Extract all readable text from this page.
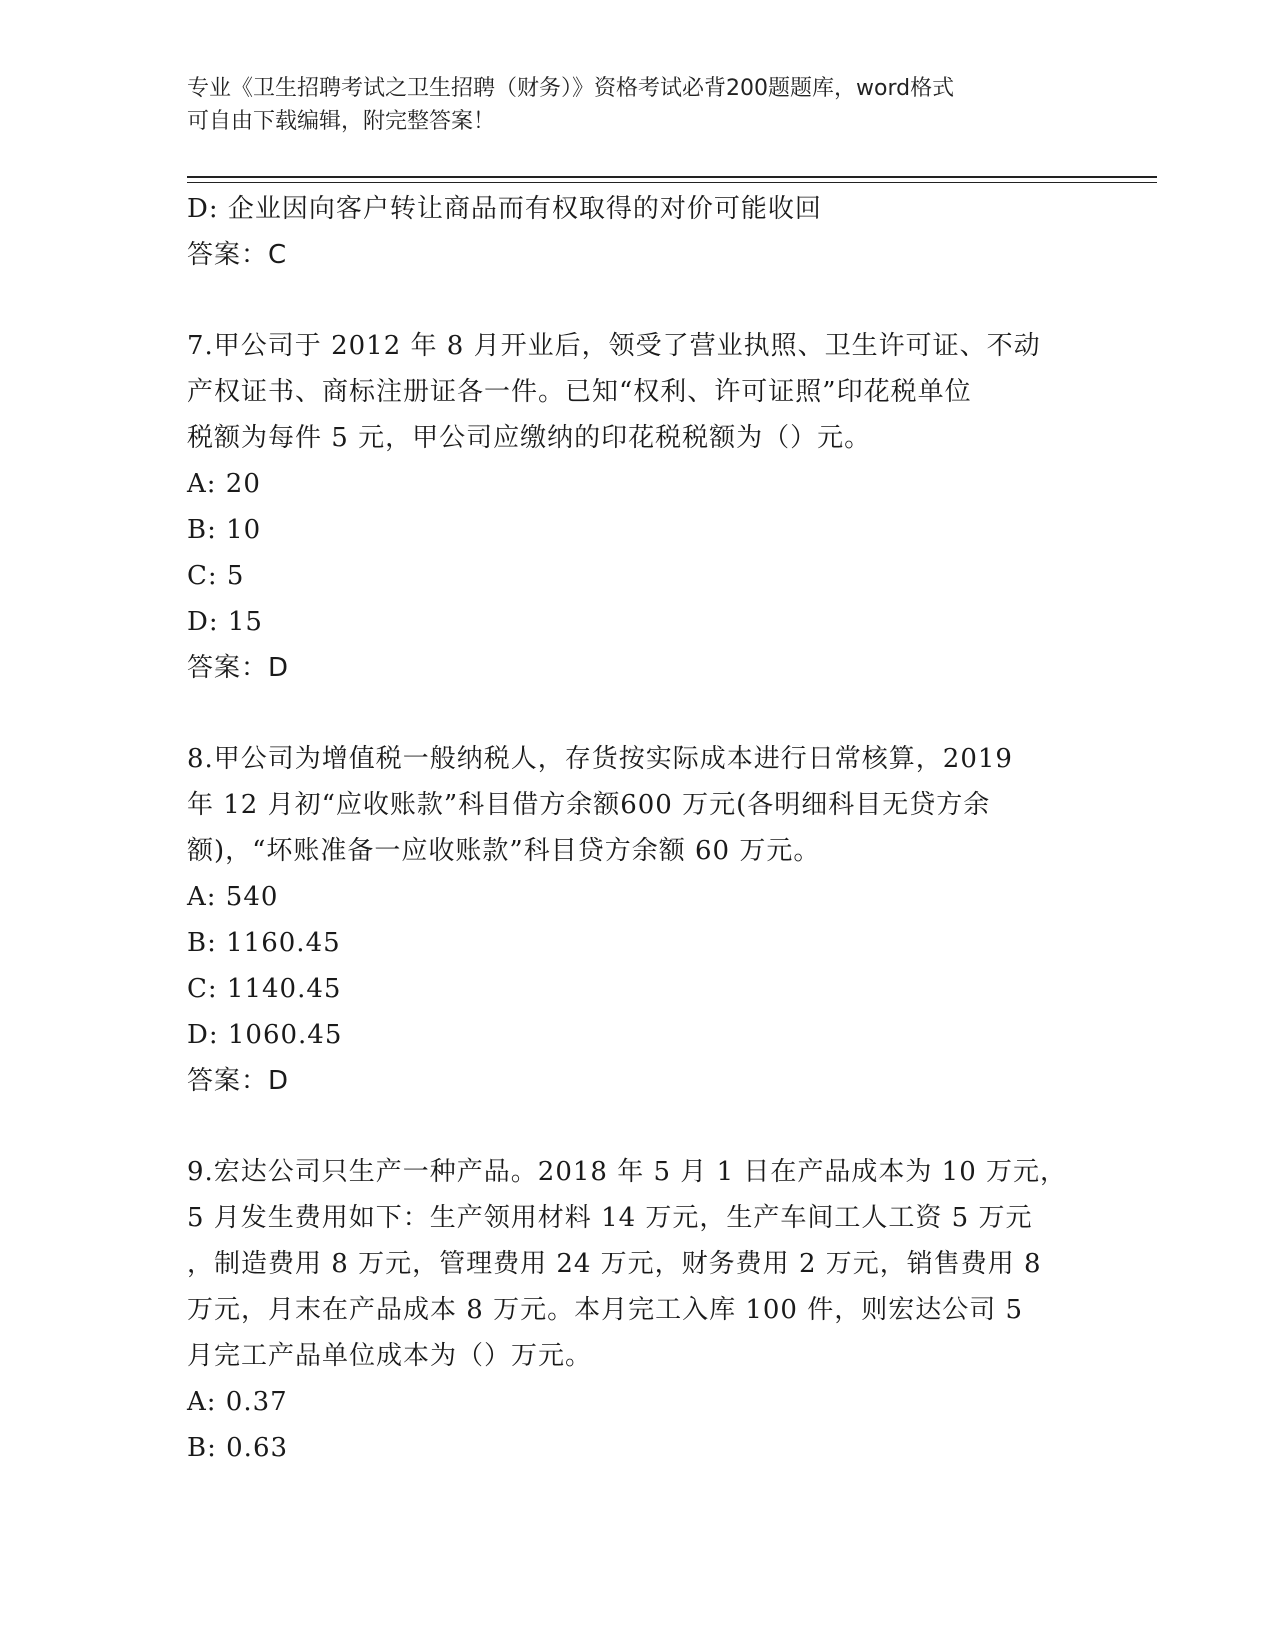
专业《卫生招聘考试之卫生招聘（财务）》资格考试必背200题题库，word格式
可自由下载编辑，附完整答案！
D: 企业因向客户转让商品而有权取得的对价可能收回
答案：C
7.甲公司于 2012 年 8 月开业后，领受了营业执照、卫生许可证、不动
产权证书、商标注册证各一件。已知“权利、许可证照”印花税单位
税额为每件 5 元，甲公司应缴纳的印花税税额为（）元。
A: 20
B: 10
C: 5
D: 15
答案：D
8.甲公司为增值税一般纳税人，存货按实际成本进行日常核算，2019
年 12 月初“应收账款”科目借方余额600 万元(各明细科目无贷方余
额)，“坏账准备一应收账款”科目贷方余额 60 万元。
A: 540
B: 1160.45
C: 1140.45
D: 1060.45
答案：D
9.宏达公司只生产一种产品。2018 年 5 月 1 日在产品成本为 10 万元，
5 月发生费用如下：生产领用材料 14 万元，生产车间工人工资 5 万元
，制造费用 8 万元，管理费用 24 万元，财务费用 2 万元，销售费用 8
万元，月末在产品成本 8 万元。本月完工入库 100 件，则宏达公司 5
月完工产品单位成本为（）万元。
A: 0.37
B: 0.63
